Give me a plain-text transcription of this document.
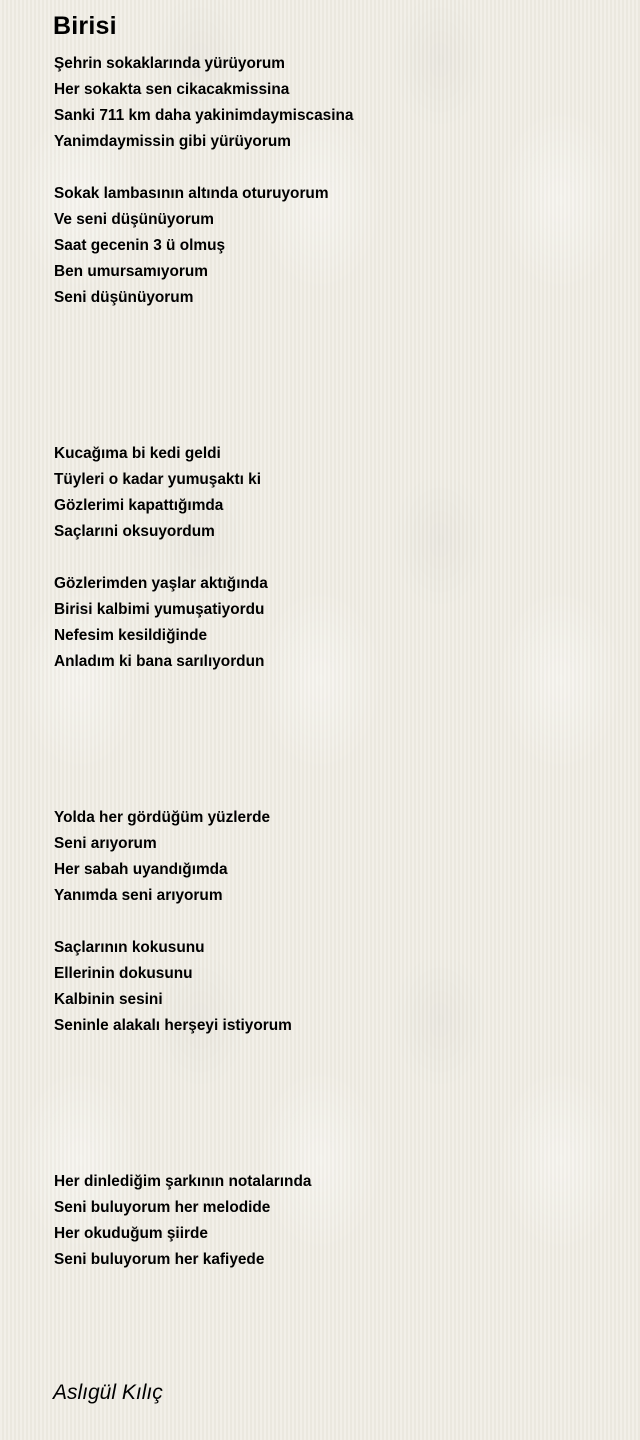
Birisi
Şehrin sokaklarında yürüyorum
Her sokakta sen cikacakmissina
Sanki 711 km daha yakinimdaymiscasina
Yanimdaymissin gibi yürüyorum
Sokak lambasının altında oturuyorum
Ve seni düşünüyorum
Saat gecenin 3 ü olmuş
Ben umursamıyorum
Seni düşünüyorum
Kucağıma bi kedi geldi
Tüyleri o kadar yumuşaktı ki
Gözlerimi kapattığımda
Saçlarıni oksuyordum
Gözlerimden yaşlar aktığında
Birisi kalbimi yumuşatiyordu
Nefesim kesildiğinde
Anladım ki bana sarılıyordun
Yolda her gördüğüm yüzlerde
Seni arıyorum
Her sabah uyandığımda
Yanımda seni arıyorum
Saçlarının kokusunu
Ellerinin dokusunu
Kalbinin sesini
Seninle alakalı herşeyi istiyorum
Her dinlediğim şarkının notalarında
Seni buluyorum her melodide
Her okuduğum şiirde
Seni buluyorum her kafiyede
Aslıgül Kılıç
